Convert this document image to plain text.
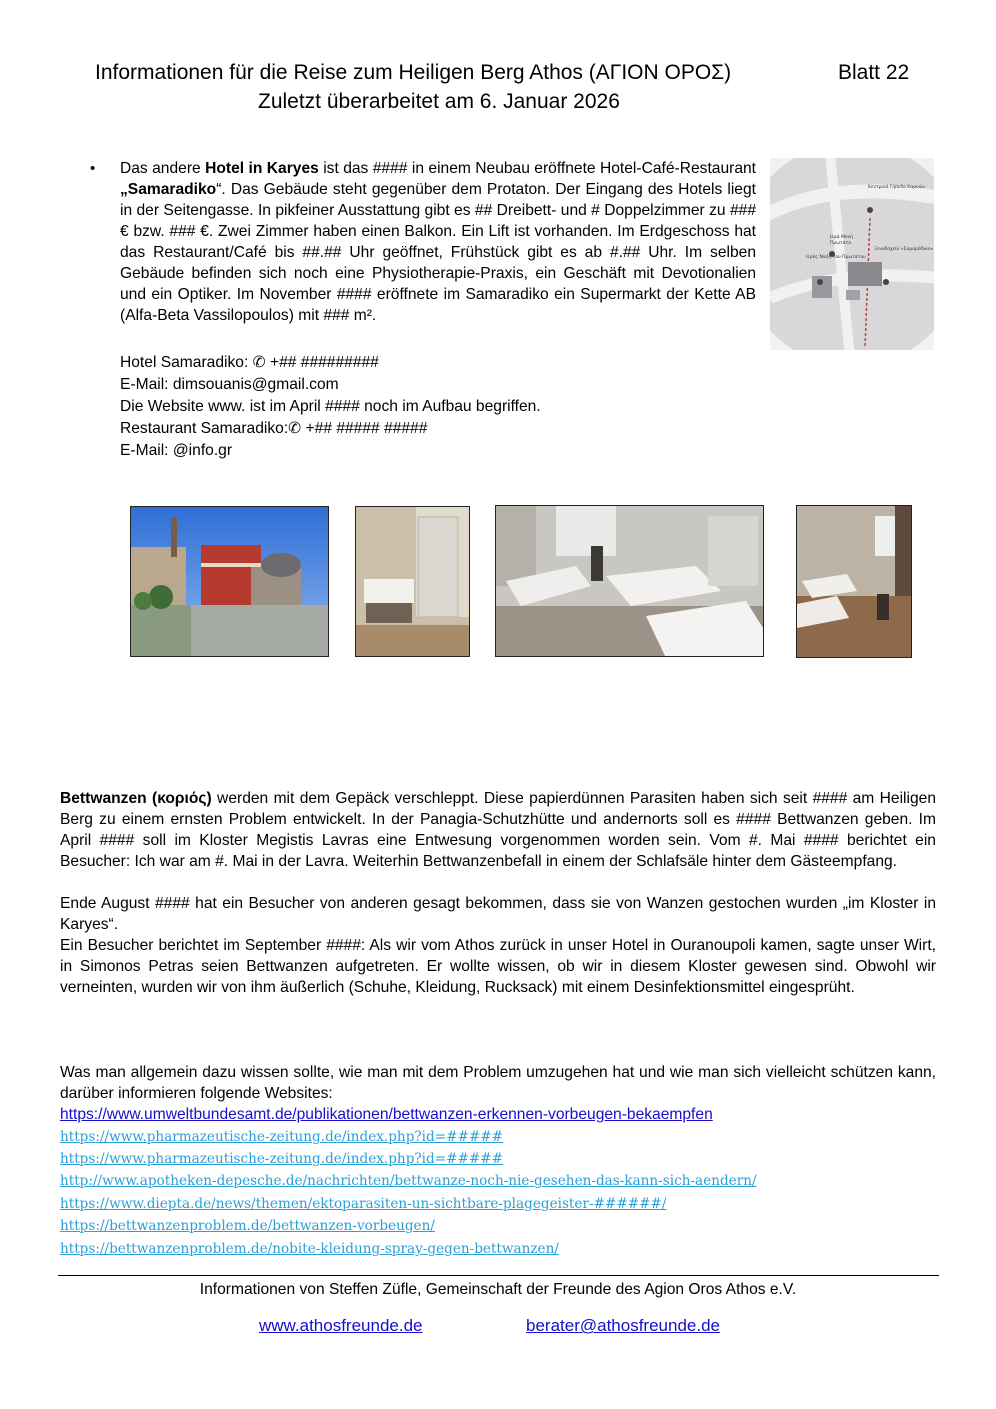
Informationen für die Reise zum Heiligen Berg Athos (ΑΓΙΟΝ ΟΡΟΣ)	Blatt 22
Zuletzt überarbeitet am 6. Januar 2026
• Das andere Hotel in Karyes ist das #### in einem Neubau eröffnete Hotel-Café-Restaurant „Samaradiko“. Das Gebäude steht gegenüber dem Protaton. Der Eingang des Hotels liegt in der Seitengasse. In pikfeiner Ausstattung gibt es ## Dreibett- und # Doppelzimmer zu ### € bzw. ### €. Zwei Zimmer haben einen Balkon. Ein Lift ist vorhanden. Im Erdgeschoss hat das Restaurant/Café bis ##.## Uhr geöffnet, Frühstück gibt es ab #.## Uhr. Im selben Gebäude befinden sich noch eine Physiotherapie-Praxis, ein Geschäft mit Devotionalien und ein Optiker. Im November #### eröffnete im Samaradiko ein Supermarkt der Kette AB (Alfa-Beta Vassilopoulos) mit ### m².
Κεντρικό Γήπεδο Καρυών
Ιερά Μονή
Πρωτάτο
Ξενοδοχείο «Σαμαράδικο»
Ιερός Ναός του Πρωτάτου
Hotel Samaradiko: ✆ +## #########
E-Mail: dimsouanis@gmail.com
Die Website www. ist im April #### noch im Aufbau begriffen.
Restaurant Samaradiko:✆ +## ##### #####
E-Mail: @info.gr
Bettwanzen (κοριός) werden mit dem Gepäck verschleppt. Diese papierdünnen Parasiten haben sich seit #### am Heiligen Berg zu einem ernsten Problem entwickelt. In der Panagia-Schutzhütte und andernorts soll es #### Bettwanzen geben. Im April #### soll im Kloster Megistis Lavras eine Entwesung vorgenommen worden sein. Vom #. Mai #### berichtet ein Besucher: Ich war am #. Mai in der Lavra. Weiterhin Bettwanzenbefall in einem der Schlafsäle hinter dem Gästeempfang.
Ende August #### hat ein Besucher von anderen gesagt bekommen, dass sie von Wanzen gestochen wurden „im Kloster in Karyes“.
Ein Besucher berichtet im September ####: Als wir vom Athos zurück in unser Hotel in Ouranoupoli kamen, sagte unser Wirt, in Simonos Petras seien Bettwanzen aufgetreten. Er wollte wissen, ob wir in diesem Kloster gewesen sind. Obwohl wir verneinten, wurden wir von ihm äußerlich (Schuhe, Kleidung, Rucksack) mit einem Desinfektionsmittel eingesprüht.
Was man allgemein dazu wissen sollte, wie man mit dem Problem umzugehen hat und wie man sich vielleicht schützen kann, darüber informieren folgende Websites:
https://www.umweltbundesamt.de/publikationen/bettwanzen-erkennen-vorbeugen-bekaempfen
https://www.pharmazeutische-zeitung.de/index.php?id=#####
https://www.pharmazeutische-zeitung.de/index.php?id=#####
http://www.apotheken-depesche.de/nachrichten/bettwanze-noch-nie-gesehen-das-kann-sich-aendern/
https://www.diepta.de/news/themen/ektoparasiten-un-sichtbare-plagegeister-######/
https://bettwanzenproblem.de/bettwanzen-vorbeugen/
https://bettwanzenproblem.de/nobite-kleidung-spray-gegen-bettwanzen/
Informationen von Steffen Züfle, Gemeinschaft der Freunde des Agion Oros Athos e.V.
www.athosfreunde.de	berater@athosfreunde.de
